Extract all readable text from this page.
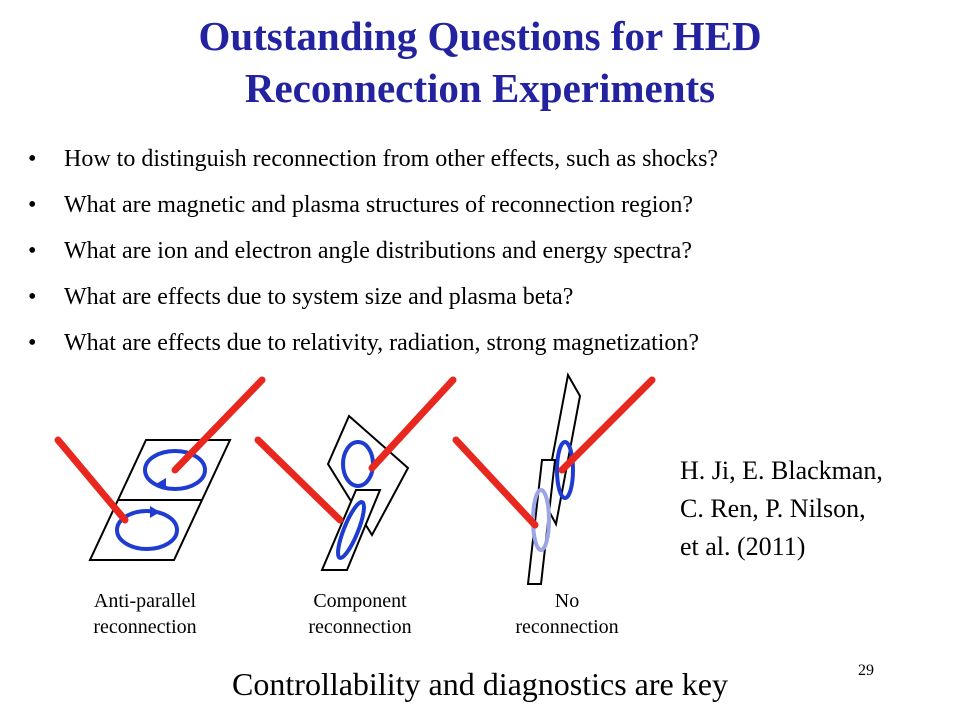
Outstanding Questions for HED
Reconnection Experiments
• How to distinguish reconnection from other effects, such as shocks?
• What are magnetic and plasma structures of reconnection region?
• What are ion and electron angle distributions and energy spectra?
• What are effects due to system size and plasma beta?
• What are effects due to relativity, radiation, strong magnetization?
Anti-parallel
reconnection
Component
reconnection
No
reconnection
H. Ji, E. Blackman,
C. Ren, P. Nilson,
et al. (2011)
Controllability and diagnostics are key	29
